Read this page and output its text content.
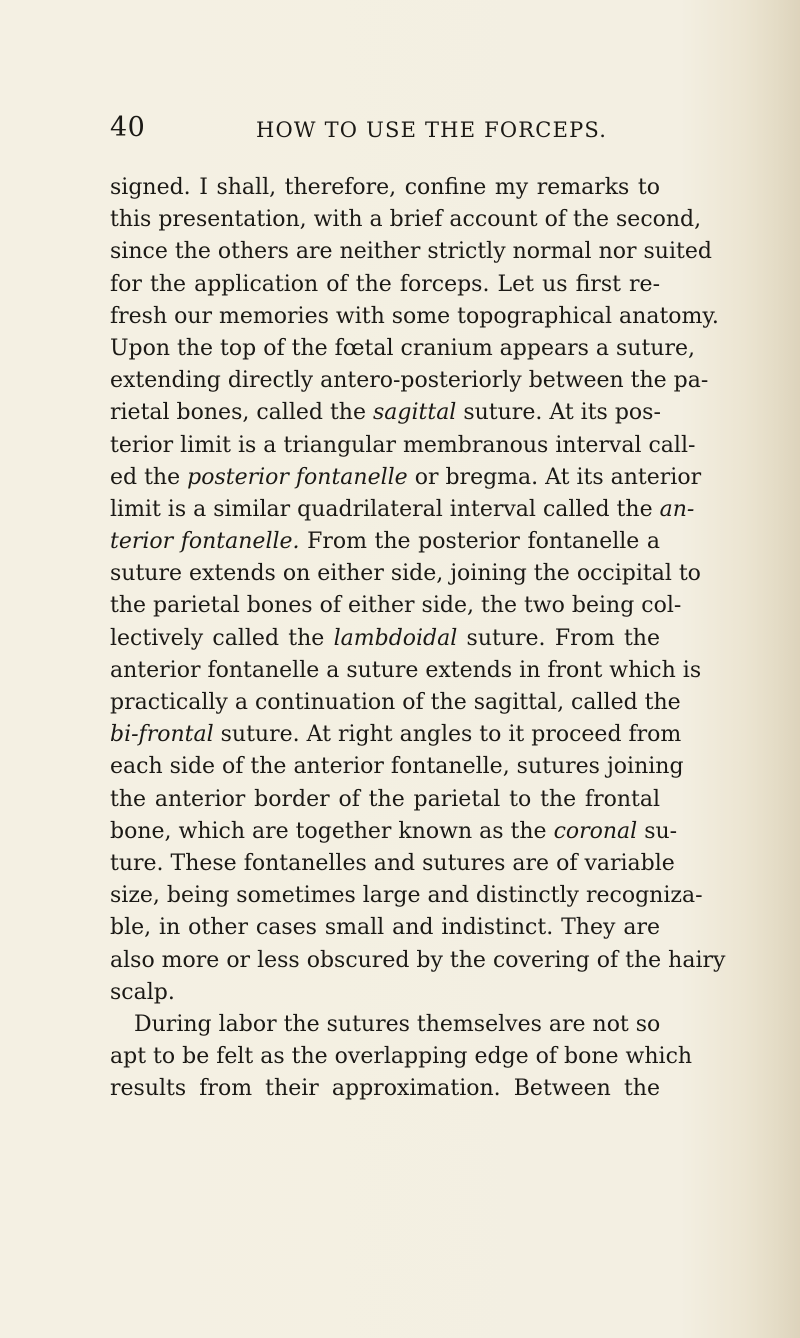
40	HOW TO USE THE FORCEPS.
signed. I shall, therefore, confine my remarks to
this presentation, with a brief account of the second,
since the others are neither strictly normal nor suited
for the application of the forceps. Let us first re-
fresh our memories with some topographical anatomy.
Upon the top of the fœtal cranium appears a suture,
extending directly antero-posteriorly between the pa-
rietal bones, called the sagittal suture. At its pos-
terior limit is a triangular membranous interval call-
ed the posterior fontanelle or bregma. At its anterior
limit is a similar quadrilateral interval called the an-
terior fontanelle. From the posterior fontanelle a
suture extends on either side, joining the occipital to
the parietal bones of either side, the two being col-
lectively called the lambdoidal suture. From the
anterior fontanelle a suture extends in front which is
practically a continuation of the sagittal, called the
bi-frontal suture. At right angles to it proceed from
each side of the anterior fontanelle, sutures joining
the anterior border of the parietal to the frontal
bone, which are together known as the coronal su-
ture. These fontanelles and sutures are of variable
size, being sometimes large and distinctly recogniza-
ble, in other cases small and indistinct. They are
also more or less obscured by the covering of the hairy
scalp.
During labor the sutures themselves are not so
apt to be felt as the overlapping edge of bone which
results from their approximation. Between the
